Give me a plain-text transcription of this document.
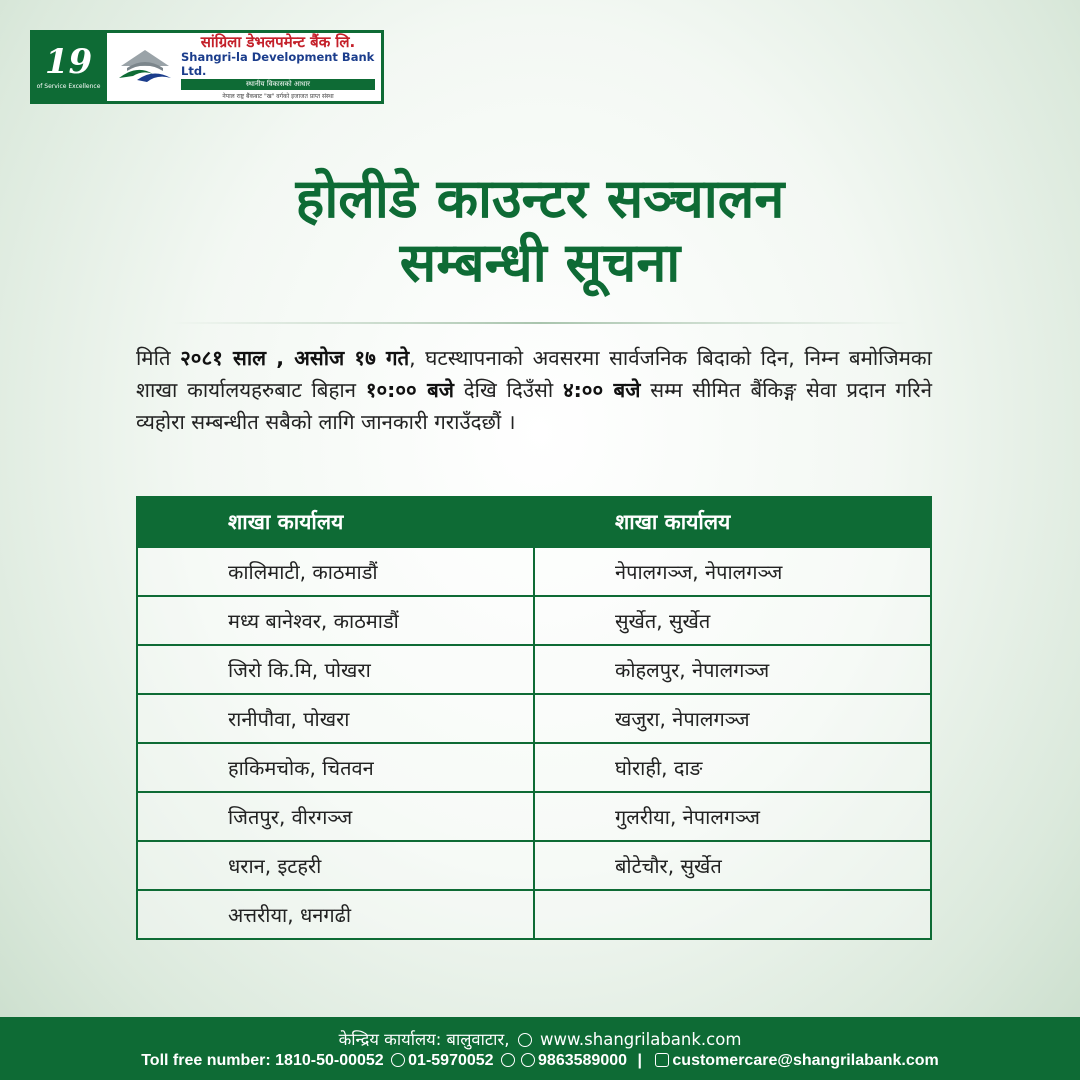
19
of Service Excellence
सांग्रिला डेभलपमेन्ट बैंक लि.
Shangri-la Development Bank Ltd.
स्थानीय विकासको आधार
नेपाल राष्ट्र बैंकबाट "ख" वर्गको इजाजत प्राप्त संस्था
होलीडे काउन्टर सञ्चालन
सम्बन्धी सूचना

मिति २०८१ साल , असोज १७ गते, घटस्थापनाको अवसरमा सार्वजनिक बिदाको दिन, निम्न बमोजिमका शाखा कार्यालयहरुबाट बिहान १०:०० बजे देखि दिउँसो ४:०० बजे सम्म सीमित बैंकिङ्ग सेवा प्रदान गरिने व्यहोरा सम्बन्धीत सबैको लागि जानकारी गराउँदछौं ।

शाखा कार्यालय	शाखा कार्यालय
कालिमाटी, काठमाडौं	नेपालगञ्ज, नेपालगञ्ज
मध्य बानेश्वर, काठमाडौं	सुर्खेत, सुर्खेत
जिरो कि.मि, पोखरा	कोहलपुर, नेपालगञ्ज
रानीपौवा, पोखरा	खजुरा, नेपालगञ्ज
हाकिमचोक, चितवन	घोराही, दाङ
जितपुर, वीरगञ्ज	गुलरीया, नेपालगञ्ज
धरान, इटहरी	बोटेचौर, सुर्खेत
अत्तरीया, धनगढी	
केन्द्रिय कार्यालय: बालुवाटार, www.shangrilabank.com
Toll free number: 1810-50-00052 01-5970052	9863589000 | customercare@shangrilabank.com
